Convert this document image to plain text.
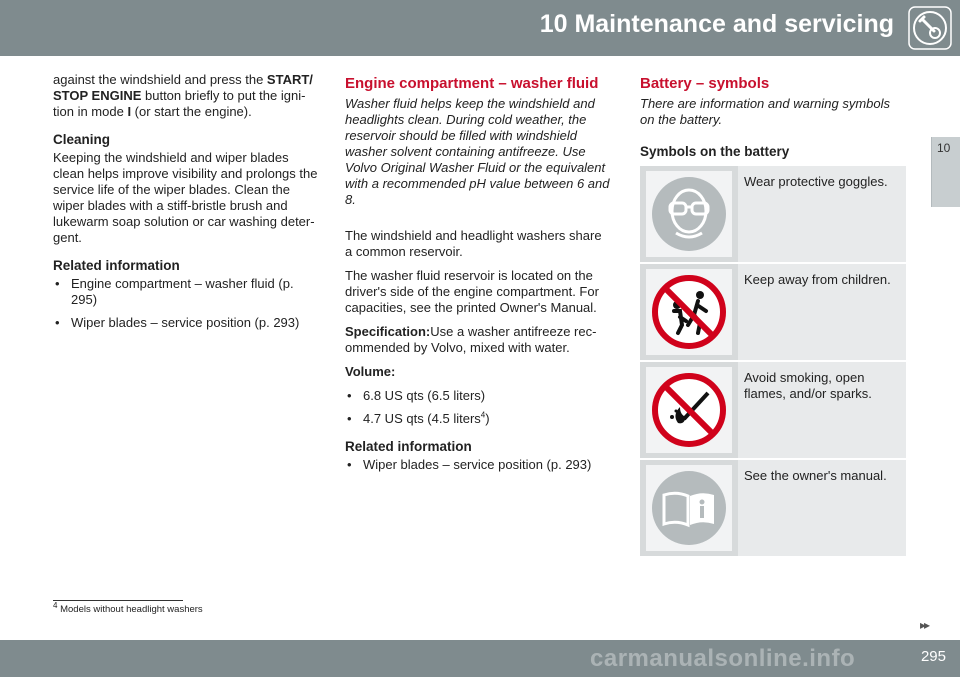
10 Maintenance and servicing
10

against the windshield and press the START/ STOP ENGINE button briefly to put the igni-tion in mode I (or start the engine).

Cleaning

Keeping the windshield and wiper blades clean helps improve visibility and prolongs the service life of the wiper blades. Clean the wiper blades with a stiff-bristle brush and lukewarm soap solution or car washing deter-gent.

Related information
• Engine compartment – washer fluid (p. 295)
• Wiper blades – service position (p. 293)
Engine compartment – washer fluid

Washer fluid helps keep the windshield and headlights clean. During cold weather, the reservoir should be filled with windshield washer solvent containing antifreeze. Use Volvo Original Washer Fluid or the equivalent with a recommended pH value between 6 and 8.

The windshield and headlight washers share a common reservoir.

The washer fluid reservoir is located on the driver's side of the engine compartment. For capacities, see the printed Owner's Manual.

Specification:Use a washer antifreeze rec-ommended by Volvo, mixed with water.

Volume:

• 6.8 US qts (6.5 liters)
• 4.7 US qts (4.5 liters$^4$)
Related information
• Wiper blades – service position (p. 293)
Battery – symbols

There are information and warning symbols on the battery.

Symbols on the battery
	Wear protective goggles.

	Keep away from children.

	Avoid smoking, open flames, and/or sparks.

	See the owner's manual.
$^4$ Models without headlight washers
▸▸
carmanualsonline.info	295
